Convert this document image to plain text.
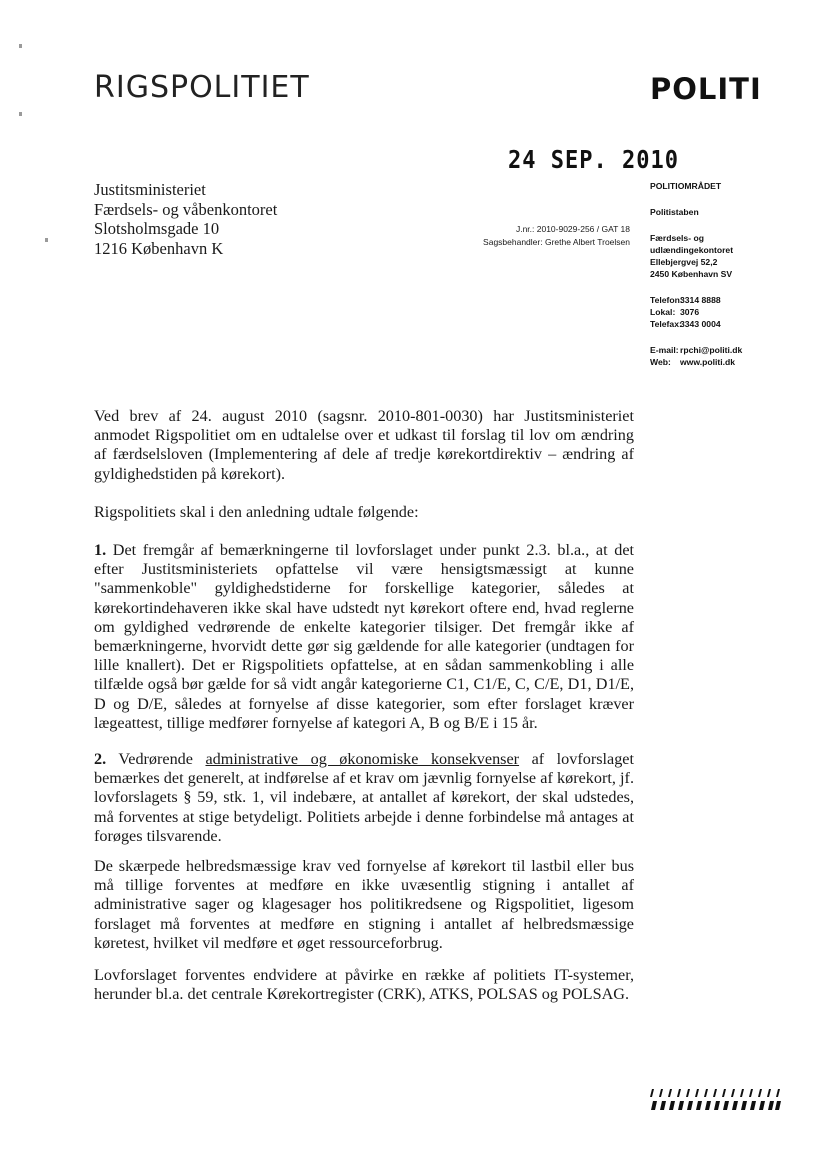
RIGSPOLITIET	POLITI
24 SEP. 2010
Justitsministeriet
Færdsels- og våbenkontoret
Slotsholmsgade 10
1216 København K
J.nr.: 2010-9029-256 / GAT 18
Sagsbehandler: Grethe Albert Troelsen
POLITIOMRÅDET
Politistaben
Færdsels- og
udlændingekontoret
Ellebjergvej 52,2
2450 København SV
Telefon:
3314 8888
Lokal: 3076
Telefax:
3343 0004
E-mail: rpchi@politi.dk
Web:	www.politi.dk

Ved brev af 24. august 2010 (sagsnr. 2010-801-0030) har Justitsministeriet anmodet Rigspolitiet om en udtalelse over et udkast til forslag til lov om ændring af færdselsloven (Implementering af dele af tredje kørekortdirektiv – ændring af gyldighedstiden på kørekort).

Rigspolitiets skal i den anledning udtale følgende:

1. Det fremgår af bemærkningerne til lovforslaget under punkt 2.3. bl.a., at det efter Justitsministeriets opfattelse vil være hensigtsmæssigt at kunne "sammenkoble" gyldighedstiderne for forskellige kategorier, således at kørekortindehaveren ikke skal have udstedt nyt kørekort oftere end, hvad reglerne om gyldighed vedrørende de enkelte kategorier tilsiger. Det fremgår ikke af bemærkningerne, hvorvidt dette gør sig gældende for alle kategorier (undtagen for lille knallert). Det er Rigspolitiets opfattelse, at en sådan sammenkobling i alle tilfælde også bør gælde for så vidt angår kategorierne C1, C1/E, C, C/E, D1, D1/E, D og D/E, således at fornyelse af disse kategorier, som efter forslaget kræver lægeattest, tillige medfører fornyelse af kategori A, B og B/E i 15 år.

2. Vedrørende administrative og økonomiske konsekvenser af lovforslaget bemærkes det generelt, at indførelse af et krav om jævnlig fornyelse af kørekort, jf. lovforslagets § 59, stk. 1, vil indebære, at antallet af kørekort, der skal udstedes, må forventes at stige betydeligt. Politiets arbejde i denne forbindelse må antages at forøges tilsvarende.

De skærpede helbredsmæssige krav ved fornyelse af kørekort til lastbil eller bus må tillige forventes at medføre en ikke uvæsentlig stigning i antallet af administrative sager og klagesager hos politikredsene og Rigspolitiet, ligesom forslaget må forventes at medføre en stigning i antallet af helbredsmæssige køretest, hvilket vil medføre et øget ressourceforbrug.

Lovforslaget forventes endvidere at påvirke en række af politiets IT-systemer, herunder bl.a. det centrale Kørekortregister (CRK), ATKS, POLSAS og POLSAG.
